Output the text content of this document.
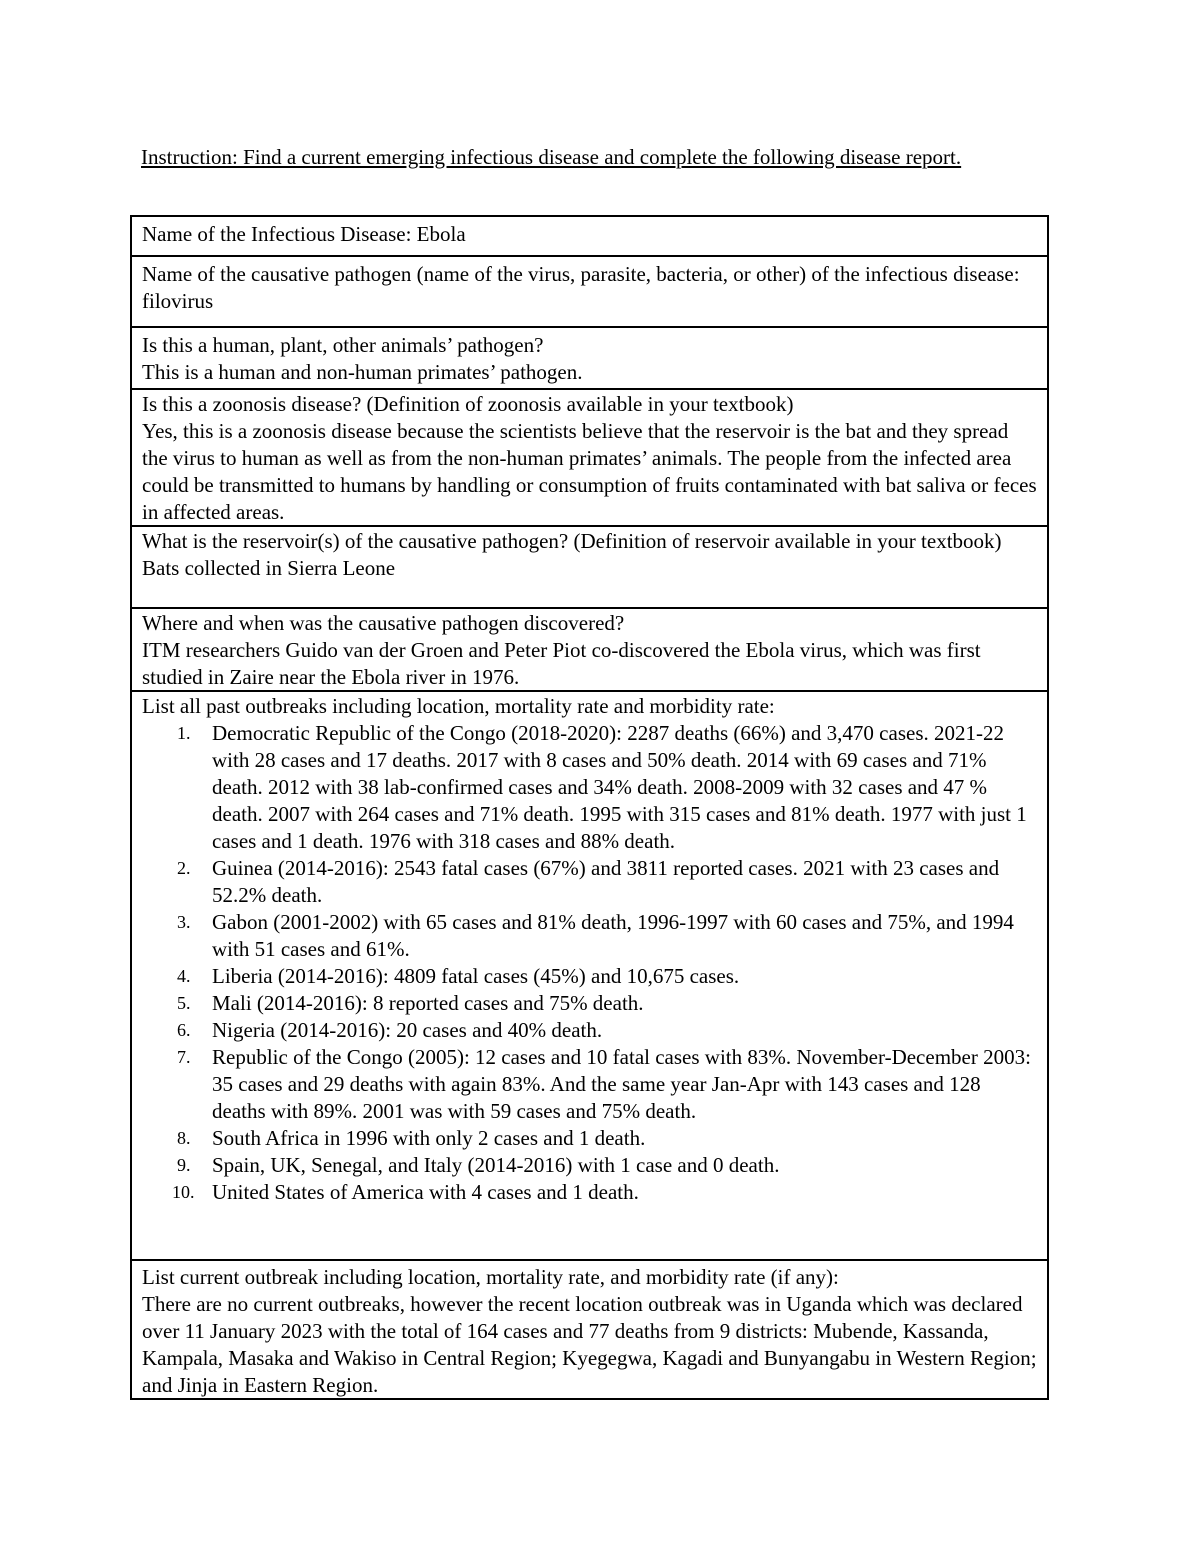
Instruction: Find a current emerging infectious disease and complete the following disease report.

Name of the Infectious Disease: Ebola

Name of the causative pathogen (name of the virus, parasite, bacteria, or other) of the infectious disease: filovirus

Is this a human, plant, other animals’ pathogen?

This is a human and non-human primates’ pathogen.

Is this a zoonosis disease? (Definition of zoonosis available in your textbook)

Yes, this is a zoonosis disease because the scientists believe that the reservoir is the bat and they spread the virus to human as well as from the non-human primates’ animals. The people from the infected area could be transmitted to humans by handling or consumption of fruits contaminated with bat saliva or feces in affected areas.

What is the reservoir(s) of the causative pathogen? (Definition of reservoir available in your textbook)

Bats collected in Sierra Leone

Where and when was the causative pathogen discovered?

ITM researchers Guido van der Groen and Peter Piot co-discovered the Ebola virus, which was first studied in Zaire near the Ebola river in 1976.

List all past outbreaks including location, mortality rate and morbidity rate:

1.	Democratic Republic of the Congo (2018-2020): 2287 deaths (66%) and 3,470 cases. 2021-22 with 28 cases and 17 deaths. 2017 with 8 cases and 50% death. 2014 with 69 cases and 71% death. 2012 with 38 lab-confirmed cases and 34% death. 2008-2009 with 32 cases and 47 % death. 2007 with 264 cases and 71% death. 1995 with 315 cases and 81% death. 1977 with just 1 cases and 1 death. 1976 with 318 cases and 88% death.
2.	Guinea (2014-2016): 2543 fatal cases (67%) and 3811 reported cases. 2021 with 23 cases and 52.2% death.
3.	Gabon (2001-2002) with 65 cases and 81% death, 1996-1997 with 60 cases and 75%, and 1994 with 51 cases and 61%.
4.	Liberia (2014-2016): 4809 fatal cases (45%) and 10,675 cases.
5.	Mali (2014-2016): 8 reported cases and 75% death.
6.	Nigeria (2014-2016): 20 cases and 40% death.
7.	Republic of the Congo (2005): 12 cases and 10 fatal cases with 83%. November-December 2003: 35 cases and 29 deaths with again 83%. And the same year Jan-Apr with 143 cases and 128 deaths with 89%. 2001 was with 59 cases and 75% death.
8.	South Africa in 1996 with only 2 cases and 1 death.
9.	Spain, UK, Senegal, and Italy (2014-2016) with 1 case and 0 death.
10. United States of America with 4 cases and 1 death.

List current outbreak including location, mortality rate, and morbidity rate (if any):

There are no current outbreaks, however the recent location outbreak was in Uganda which was declared over 11 January 2023 with the total of 164 cases and 77 deaths from 9 districts: Mubende, Kassanda, Kampala, Masaka and Wakiso in Central Region; Kyegegwa, Kagadi and Bunyangabu in Western Region; and Jinja in Eastern Region.
